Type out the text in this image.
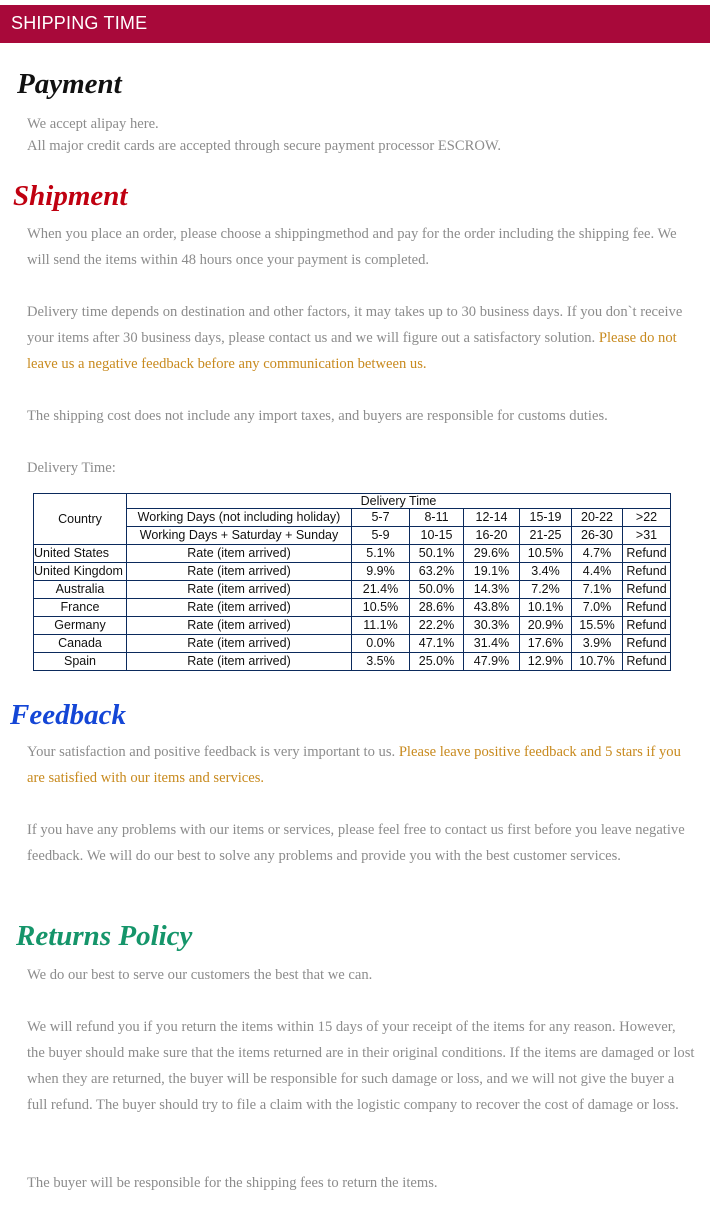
SHIPPING TIME
Payment

We accept alipay here.

All major credit cards are accepted through secure payment processor ESCROW.

Shipment
When you place an order, please choose a shippingmethod and pay for the order including the shipping fee. We will send the items within 48 hours once your payment is completed.
Delivery time depends on destination and other factors, it may takes up to 30 business days. If you don`t receive your items after 30 business days, please contact us and we will figure out a satisfactory solution. Please do not leave us a negative feedback before any communication between us.
The shipping cost does not include any import taxes, and buyers are responsible for customs duties.
Delivery Time:
Country	Delivery Time						
	Working Days (not including holiday)	5-7	8-11	12-14	15-19	20-22	>22
	Working Days + Saturday + Sunday	5-9	10-15	16-20	21-25	26-30	>31
United States	Rate (item arrived)	5.1%	50.1%	29.6%	10.5%	4.7%	Refund
United Kingdom	Rate (item arrived)	9.9%	63.2%	19.1%	3.4%	4.4%	Refund
Australia	Rate (item arrived)	21.4%	50.0%	14.3%	7.2%	7.1%	Refund
France	Rate (item arrived)	10.5%	28.6%	43.8%	10.1%	7.0%	Refund
Germany	Rate (item arrived)	11.1%	22.2%	30.3%	20.9%	15.5%	Refund
Canada	Rate (item arrived)	0.0%	47.1%	31.4%	17.6%	3.9%	Refund
Spain	Rate (item arrived)	3.5%	25.0%	47.9%	12.9%	10.7%	Refund
Feedback
Your satisfaction and positive feedback is very important to us. Please leave positive feedback and 5 stars if you are satisfied with our items and services.
If you have any problems with our items or services, please feel free to contact us first before you leave negative feedback. We will do our best to solve any problems and provide you with the best customer services.
Returns Policy
We do our best to serve our customers the best that we can.
We will refund you if you return the items within 15 days of your receipt of the items for any reason. However, the buyer should make sure that the items returned are in their original conditions. If the items are damaged or lost when they are returned, the buyer will be responsible for such damage or loss, and we will not give the buyer a full refund. The buyer should try to file a claim with the logistic company to recover the cost of damage or loss.
The buyer will be responsible for the shipping fees to return the items.
